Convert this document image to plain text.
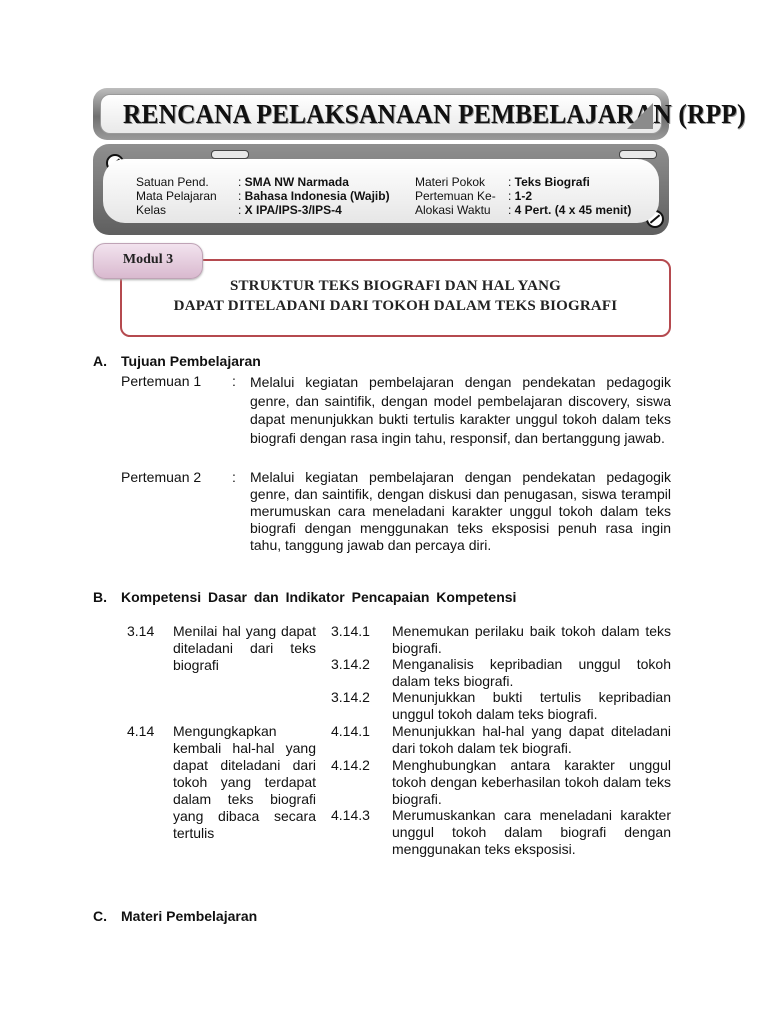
RENCANA PELAKSANAAN PEMBELAJARAN (RPP)
Satuan Pend. : SMA NW Narmada
Mata Pelajaran : Bahasa Indonesia (Wajib)
Kelas	: X IPA/IPS-3/IPS-4
Materi Pokok : Teks Biografi
Pertemuan Ke- : 1-2
Alokasi Waktu : 4 Pert. (4 x 45 menit)
STRUKTUR TEKS BIOGRAFI DAN HAL YANG
DAPAT DITELADANI DARI TOKOH DALAM TEKS BIOGRAFI
Modul 3
A. Tujuan Pembelajaran
Pertemuan 1 : Melalui kegiatan pembelajaran dengan pendekatan pedagogik genre, dan saintifik, dengan model pembelajaran discovery, siswa dapat menunjukkan bukti tertulis karakter unggul tokoh dalam teks biografi dengan rasa ingin tahu, responsif, dan bertanggung jawab.
Pertemuan 2 : Melalui kegiatan pembelajaran dengan pendekatan pedagogik genre, dan saintifik, dengan diskusi dan penugasan, siswa terampil merumuskan cara meneladani karakter unggul tokoh dalam teks biografi dengan menggunakan teks eksposisi penuh rasa ingin tahu, tanggung jawab dan percaya diri.
B. Kompetensi Dasar dan Indikator Pencapaian Kompetensi
3.14 Menilai hal yang dapat diteladani dari teks biografi
4.14 Mengungkapkan kembali hal-hal yang dapat diteladani dari tokoh yang terdapat dalam teks biografi yang dibaca secara tertulis
3.14.1 Menemukan perilaku baik tokoh dalam teks biografi.
3.14.2 Menganalisis kepribadian unggul tokoh dalam teks biografi.
3.14.2 Menunjukkan bukti tertulis kepribadian unggul tokoh dalam teks biografi.
4.14.1 Menunjukkan hal-hal yang dapat diteladani dari tokoh dalam tek biografi.
4.14.2 Menghubungkan antara karakter unggul tokoh dengan keberhasilan tokoh dalam teks biografi.
4.14.3 Merumuskankan cara meneladani karakter unggul tokoh dalam biografi dengan menggunakan teks eksposisi.
C. Materi Pembelajaran
